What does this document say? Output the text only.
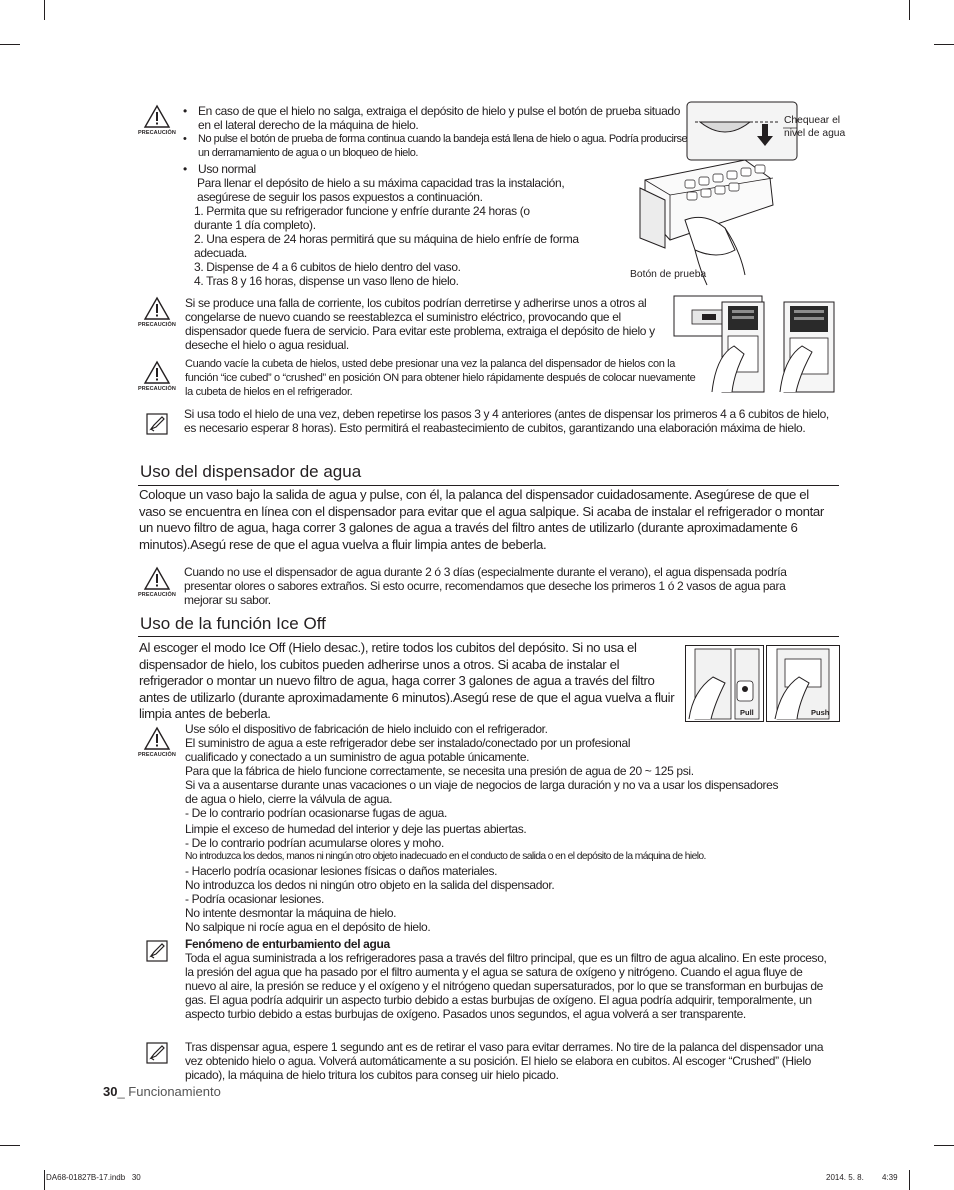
PRECAUCIÓN
• En caso de que el hielo no salga, extraiga el depósito de hielo y pulse el botón de prueba situado en el lateral derecho de la máquina de hielo.
• No pulse el botón de prueba de forma continua cuando la bandeja está llena de hielo o agua. Podría producirse un derramamiento de agua o un bloqueo de hielo.
• Uso normal

Para llenar el depósito de hielo a su máxima capacidad tras la instalación, asegúrese de seguir los pasos expuestos a continuación.

1. Permita que su refrigerador funcione y enfríe durante 24 horas (o durante 1 día completo).

2. Una espera de 24 horas permitirá que su máquina de hielo enfríe de forma adecuada.

3. Dispense de 4 a 6 cubitos de hielo dentro del vaso.

4. Tras 8 y 16 horas, dispense un vaso lleno de hielo.

Chequear el nivel de agua
Botón de prueba
PRECAUCIÓN

Si se produce una falla de corriente, los cubitos podrían derretirse y adherirse unos a otros al congelarse de nuevo cuando se reestablezca el suministro eléctrico, provocando que el dispensador quede fuera de servicio. Para evitar este problema, extraiga el depósito de hielo y deseche el hielo o agua residual.

PRECAUCIÓN

Cuando vacíe la cubeta de hielos, usted debe presionar una vez la palanca del dispensador de hielos con la función “ice cubed” o “crushed” en posición ON para obtener hielo rápidamente después de colocar nuevamente la cubeta de hielos en el refrigerador.

Si usa todo el hielo de una vez, deben repetirse los pasos 3 y 4 anteriores (antes de dispensar los primeros 4 a 6 cubitos de hielo, es necesario esperar 8 horas). Esto permitirá el reabastecimiento de cubitos, garantizando una elaboración máxima de hielo.

Uso del dispensador de agua

Coloque un vaso bajo la salida de agua y pulse, con él, la palanca del dispensador cuidadosamente. Asegúrese de que el vaso se encuentra en línea con el dispensador para evitar que el agua salpique. Si acaba de instalar el refrigerador o montar un nuevo filtro de agua, haga correr 3 galones de agua a través del filtro antes de utilizarlo (durante aproximadamente 6 minutos).Asegú rese de que el agua vuelva a fluir limpia antes de beberla.

PRECAUCIÓN

Cuando no use el dispensador de agua durante 2 ó 3 días (especialmente durante el verano), el agua dispensada podría presentar olores o sabores extraños. Si esto ocurre, recomendamos que deseche los primeros 1 ó 2 vasos de agua para mejorar su sabor.

Uso de la función Ice Off

Al escoger el modo Ice Off (Hielo desac.), retire todos los cubitos del depósito. Si no usa el dispensador de hielo, los cubitos pueden adherirse unos a otros. Si acaba de instalar el refrigerador o montar un nuevo filtro de agua, haga correr 3 galones de agua a través del filtro antes de utilizarlo (durante aproximadamente 6 minutos).Asegú rese de que el agua vuelva a fluir limpia antes de beberla.	Pull	Push
PRECAUCIÓN

Use sólo el dispositivo de fabricación de hielo incluido con el refrigerador.

El suministro de agua a este refrigerador debe ser instalado/conectado por un profesional cualificado y conectado a un suministro de agua potable únicamente.

Para que la fábrica de hielo funcione correctamente, se necesita una presión de agua de 20 ~ 125 psi.

Si va a ausentarse durante unas vacaciones o un viaje de negocios de larga duración y no va a usar los dispensadores de agua o hielo, cierre la válvula de agua.

- De lo contrario podrían ocasionarse fugas de agua.

Limpie el exceso de humedad del interior y deje las puertas abiertas.

- De lo contrario podrían acumularse olores y moho.

No introduzca los dedos, manos ni ningún otro objeto inadecuado en el conducto de salida o en el depósito de la máquina de hielo.

- Hacerlo podría ocasionar lesiones físicas o daños materiales.

No introduzca los dedos ni ningún otro objeto en la salida del dispensador.

- Podría ocasionar lesiones.

No intente desmontar la máquina de hielo.

No salpique ni rocíe agua en el depósito de hielo.

Fenómeno de enturbamiento del agua

Toda el agua suministrada a los refrigeradores pasa a través del filtro principal, que es un filtro de agua alcalino. En este proceso, la presión del agua que ha pasado por el filtro aumenta y el agua se satura de oxígeno y nitrógeno. Cuando el agua fluye de nuevo al aire, la presión se reduce y el oxígeno y el nitrógeno quedan supersaturados, por lo que se transforman en burbujas de gas. El agua podría adquirir un aspecto turbio debido a estas burbujas de oxígeno. El agua podría adquirir, temporalmente, un aspecto turbio debido a estas burbujas de oxígeno. Pasados unos segundos, el agua volverá a ser transparente.

Tras dispensar agua, espere 1 segundo ant es de retirar el vaso para evitar derrames. No tire de la palanca del dispensador una vez obtenido hielo o agua. Volverá automáticamente a su posición. El hielo se elabora en cubitos. Al escoger “Crushed” (Hielo picado), la máquina de hielo tritura los cubitos para conseg uir hielo picado.

30_ Funcionamiento
DA68-01827B-17.indb   30	2014. 5. 8. 4:39
